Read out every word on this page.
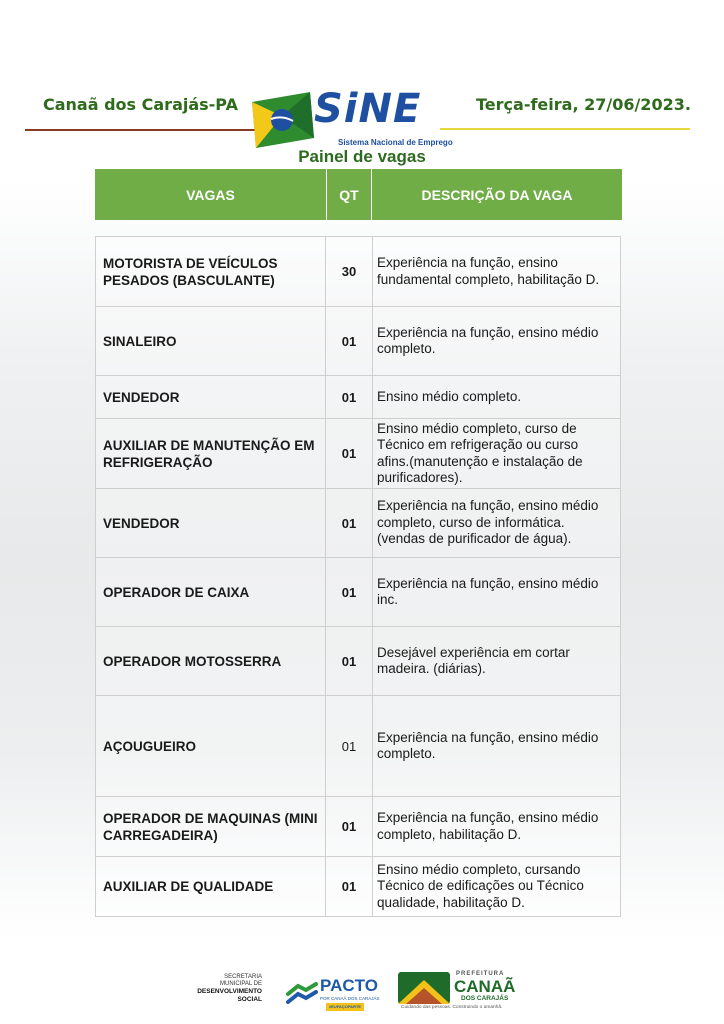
Canaã dos Carajás-PA SiNE
Sistema Nacional de Emprego
Terça-feira, 27/06/2023.
Painel de vagas
VAGAS	QT	DESCRIÇÃO DA VAGA
MOTORISTA DE VEÍCULOS PESADOS (BASCULANTE)	30	Experiência na função, ensino fundamental completo, habilitação D.
SINALEIRO	01	Experiência na função, ensino médio completo.
VENDEDOR	01	Ensino médio completo.
AUXILIAR DE MANUTENÇÃO EM REFRIGERAÇÃO	01	Ensino médio completo, curso de Técnico em refrigeração ou curso afins.(manutenção e instalação de purificadores).
VENDEDOR	01	Experiência na função, ensino médio completo, curso de informática. (vendas de purificador de água).
OPERADOR DE CAIXA	01	Experiência na função, ensino médio inc.
OPERADOR MOTOSSERRA	01	Desejável experiência em cortar madeira. (diárias).
AÇOUGUEIRO	01	Experiência na função, ensino médio completo.
OPERADOR DE MAQUINAS (MINI CARREGADEIRA)	01	Experiência na função, ensino médio completo, habilitação D.
AUXILIAR DE QUALIDADE	01	Ensino médio completo, cursando Técnico de edificações ou Técnico qualidade, habilitação D.
SECRETARIA
MUNICIPAL DE
DESENVOLVIMENTO
SOCIAL
PACTO
POR CANAÃ DOS CARAJÁS
#EUFAÇOPARTE
PREFEITURA
CANAÃ
DOS CARAJÁS
Cuidando das pessoas. Construindo o amanhã.
